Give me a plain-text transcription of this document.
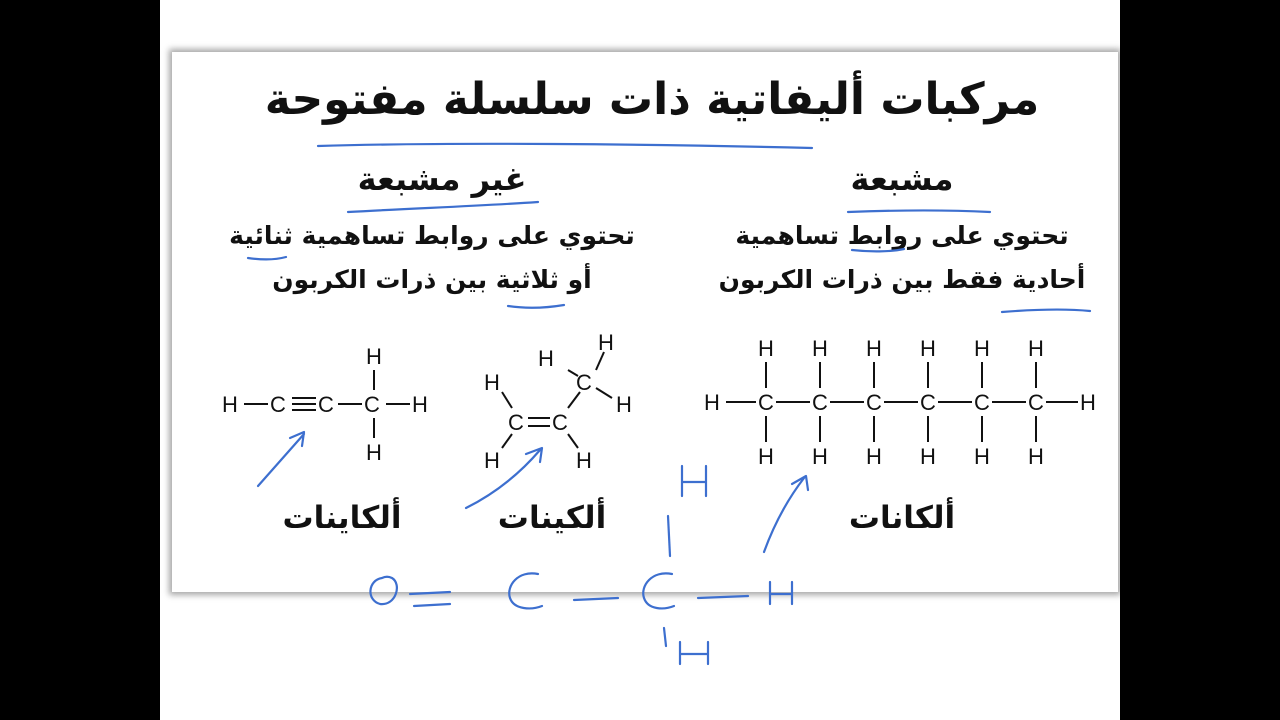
مركبات أليفاتية ذات سلسلة مفتوحة
مشبعة
غير مشبعة
تحتوي على روابط تساهمية
أحادية فقط بين ذرات الكربون
تحتوي على روابط تساهمية ثنائية
أو ثلاثية بين ذرات الكربون
ألكانات
ألكينات
ألكاينات
H	H
C C C C C C
H H H H H H
H H H H H H
C C
C
H
H	H
H
H
H
H C C C H
H
H
